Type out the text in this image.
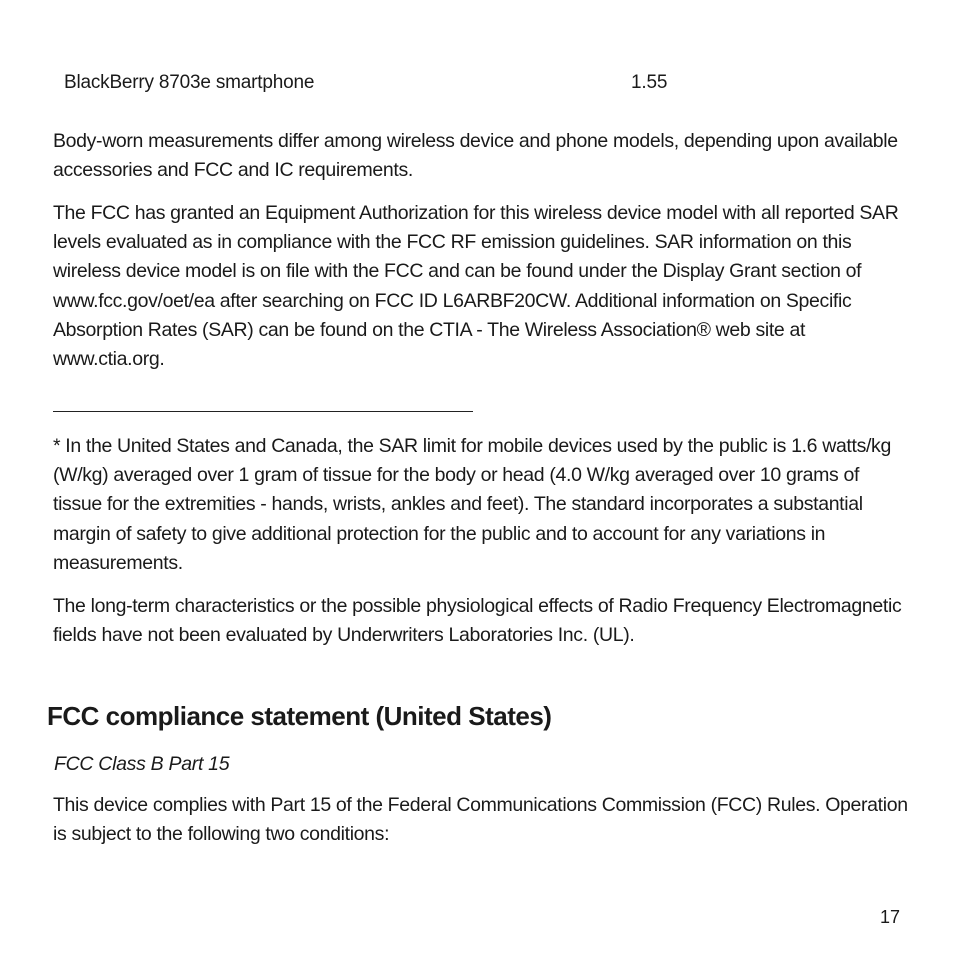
BlackBerry 8703e smartphone	1.55

Body-worn measurements differ among wireless device and phone models, depending upon available accessories and FCC and IC requirements.

The FCC has granted an Equipment Authorization for this wireless device model with all reported SAR levels evaluated as in compliance with the FCC RF emission guidelines. SAR information on this wireless device model is on file with the FCC and can be found under the Display Grant section of www.fcc.gov/oet/ea after searching on FCC ID L6ARBF20CW. Additional information on Specific Absorption Rates (SAR) can be found on the CTIA - The Wireless Association® web site at www.ctia.org.

* In the United States and Canada, the SAR limit for mobile devices used by the public is 1.6 watts/kg (W/kg) averaged over 1 gram of tissue for the body or head (4.0 W/kg averaged over 10 grams of tissue for the extremities - hands, wrists, ankles and feet). The standard incorporates a substantial margin of safety to give additional protection for the public and to account for any variations in measurements.

The long-term characteristics or the possible physiological effects of Radio Frequency Electromagnetic fields have not been evaluated by Underwriters Laboratories Inc. (UL).

FCC compliance statement (United States)

FCC Class B Part 15

This device complies with Part 15 of the Federal Communications Commission (FCC) Rules. Operation is subject to the following two conditions:

17
